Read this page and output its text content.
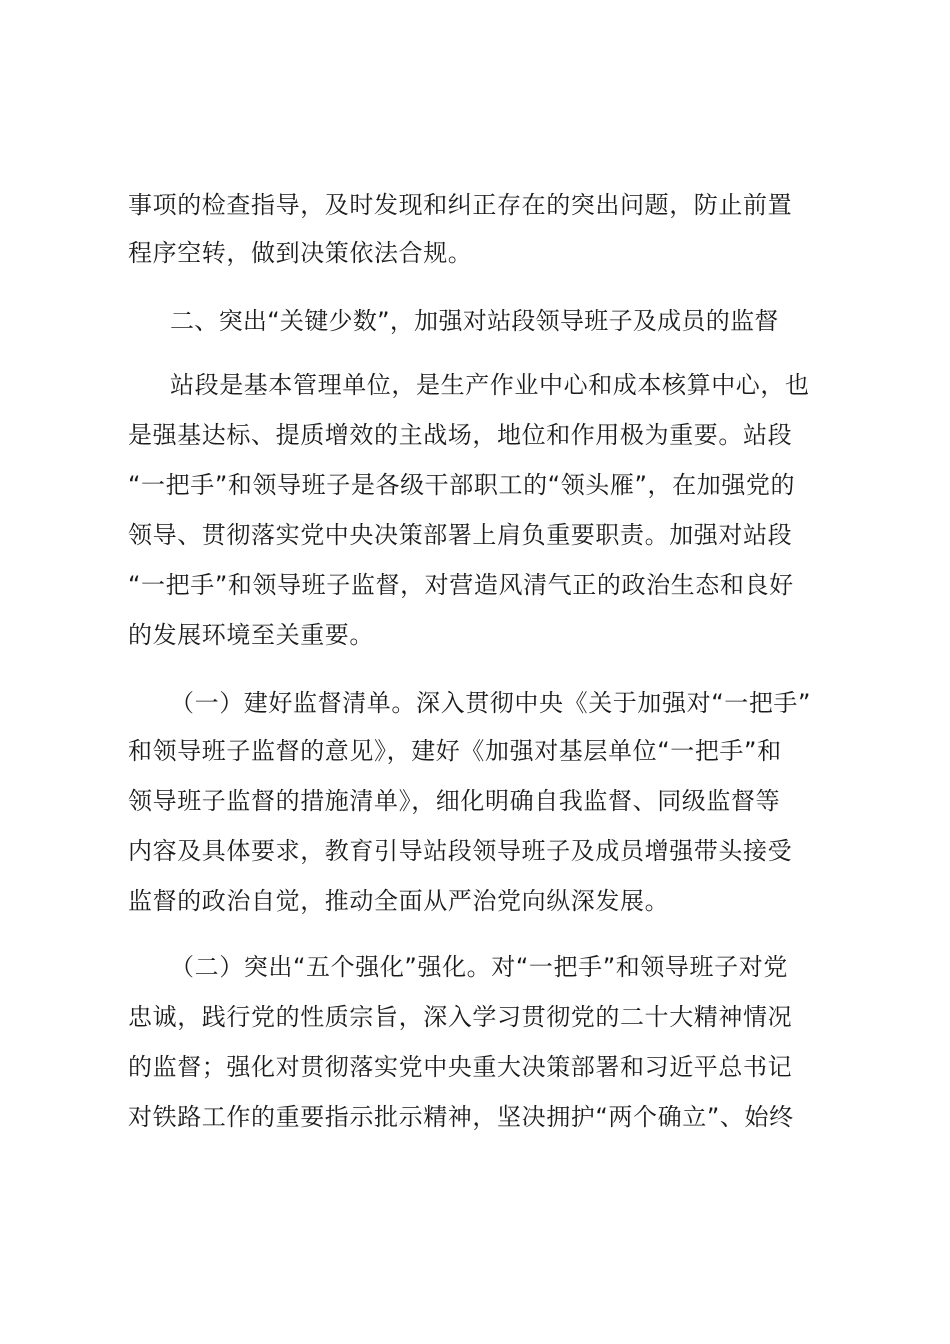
事项的检查指导，及时发现和纠正存在的突出问题，防止前置
程序空转，做到决策依法合规。
二、突出“关键少数”，加强对站段领导班子及成员的监督
站段是基本管理单位，是生产作业中心和成本核算中心，也
是强基达标、提质增效的主战场，地位和作用极为重要。站段
“一把手”和领导班子是各级干部职工的“领头雁”，在加强党的
领导、贯彻落实党中央决策部署上肩负重要职责。加强对站段
“一把手”和领导班子监督，对营造风清气正的政治生态和良好
的发展环境至关重要。
（一）建好监督清单。深入贯彻中央《关于加强对“一把手”
和领导班子监督的意见》，建好《加强对基层单位“一把手”和
领导班子监督的措施清单》，细化明确自我监督、同级监督等
内容及具体要求，教育引导站段领导班子及成员增强带头接受
监督的政治自觉，推动全面从严治党向纵深发展。
（二）突出“五个强化”强化。对“一把手”和领导班子对党
忠诚，践行党的性质宗旨，深入学习贯彻党的二十大精神情况
的监督；强化对贯彻落实党中央重大决策部署和习近平总书记
对铁路工作的重要指示批示精神，坚决拥护“两个确立”、始终
